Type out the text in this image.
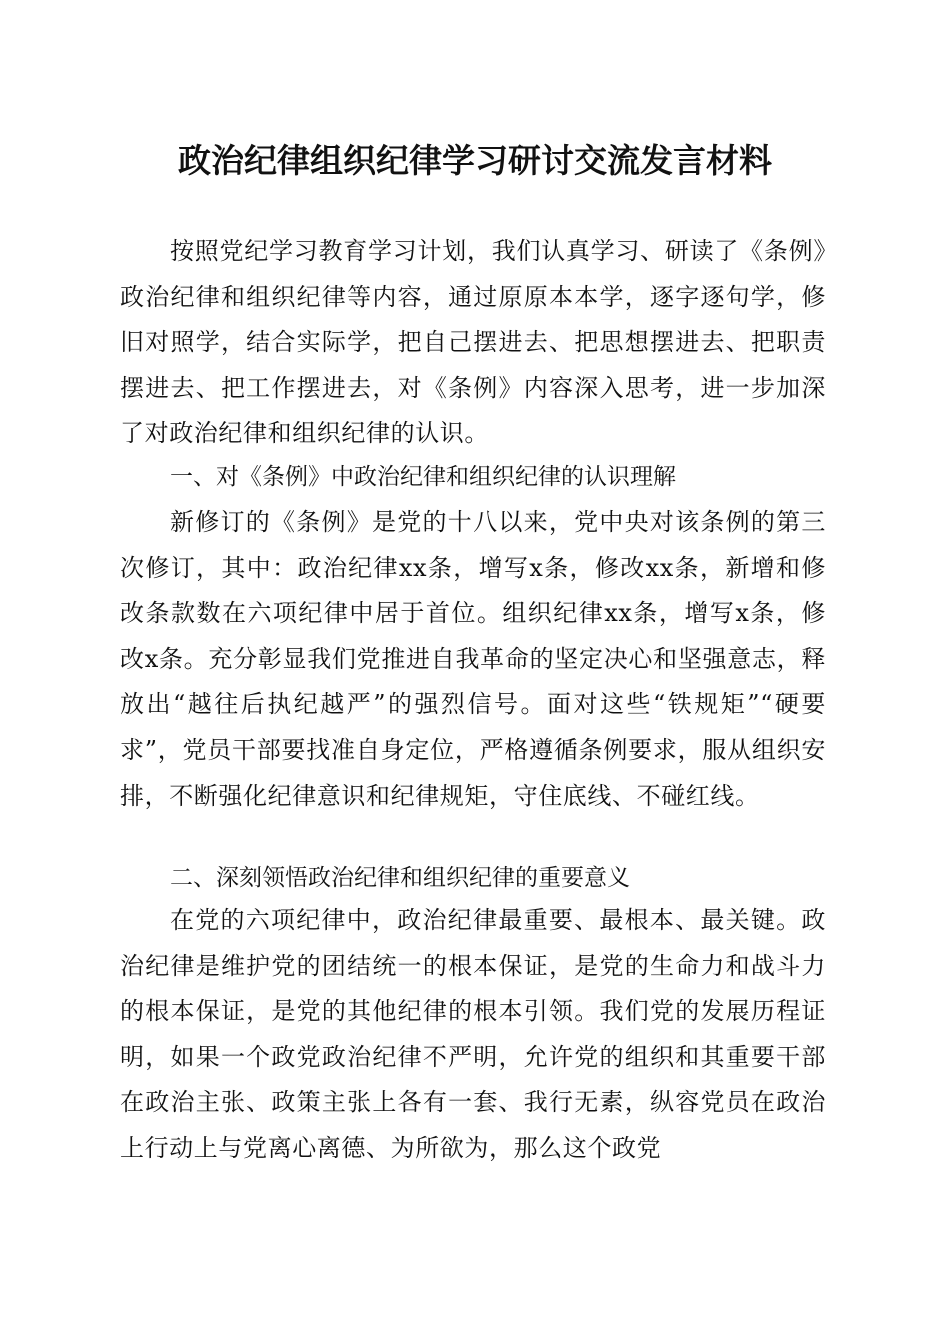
政治纪律组织纪律学习研讨交流发言材料

按照党纪学习教育学习计划，我们认真学习、研读了《条例》政治纪律和组织纪律等内容，通过原原本本学，逐字逐句学，修旧对照学，结合实际学，把自己摆进去、把思想摆进去、把职责摆进去、把工作摆进去，对《条例》内容深入思考，进一步加深了对政治纪律和组织纪律的认识。

一、对《条例》中政治纪律和组织纪律的认识理解

新修订的《条例》是党的十八以来，党中央对该条例的第三次修订，其中：政治纪律xx条，增写x条，修改xx条，新增和修改条款数在六项纪律中居于首位。组织纪律xx条，增写x条，修改x条。充分彰显我们党推进自我革命的坚定决心和坚强意志，释放出“越往后执纪越严”的强烈信号。面对这些“铁规矩”“硬要求”，党员干部要找准自身定位，严格遵循条例要求，服从组织安排，不断强化纪律意识和纪律规矩，守住底线、不碰红线。

二、深刻领悟政治纪律和组织纪律的重要意义

在党的六项纪律中，政治纪律最重要、最根本、最关键。政治纪律是维护党的团结统一的根本保证，是党的生命力和战斗力的根本保证，是党的其他纪律的根本引领。我们党的发展历程证明，如果一个政党政治纪律不严明，允许党的组织和其重要干部在政治主张、政策主张上各有一套、我行无素，纵容党员在政治上行动上与党离心离德、为所欲为，那么这个政党
